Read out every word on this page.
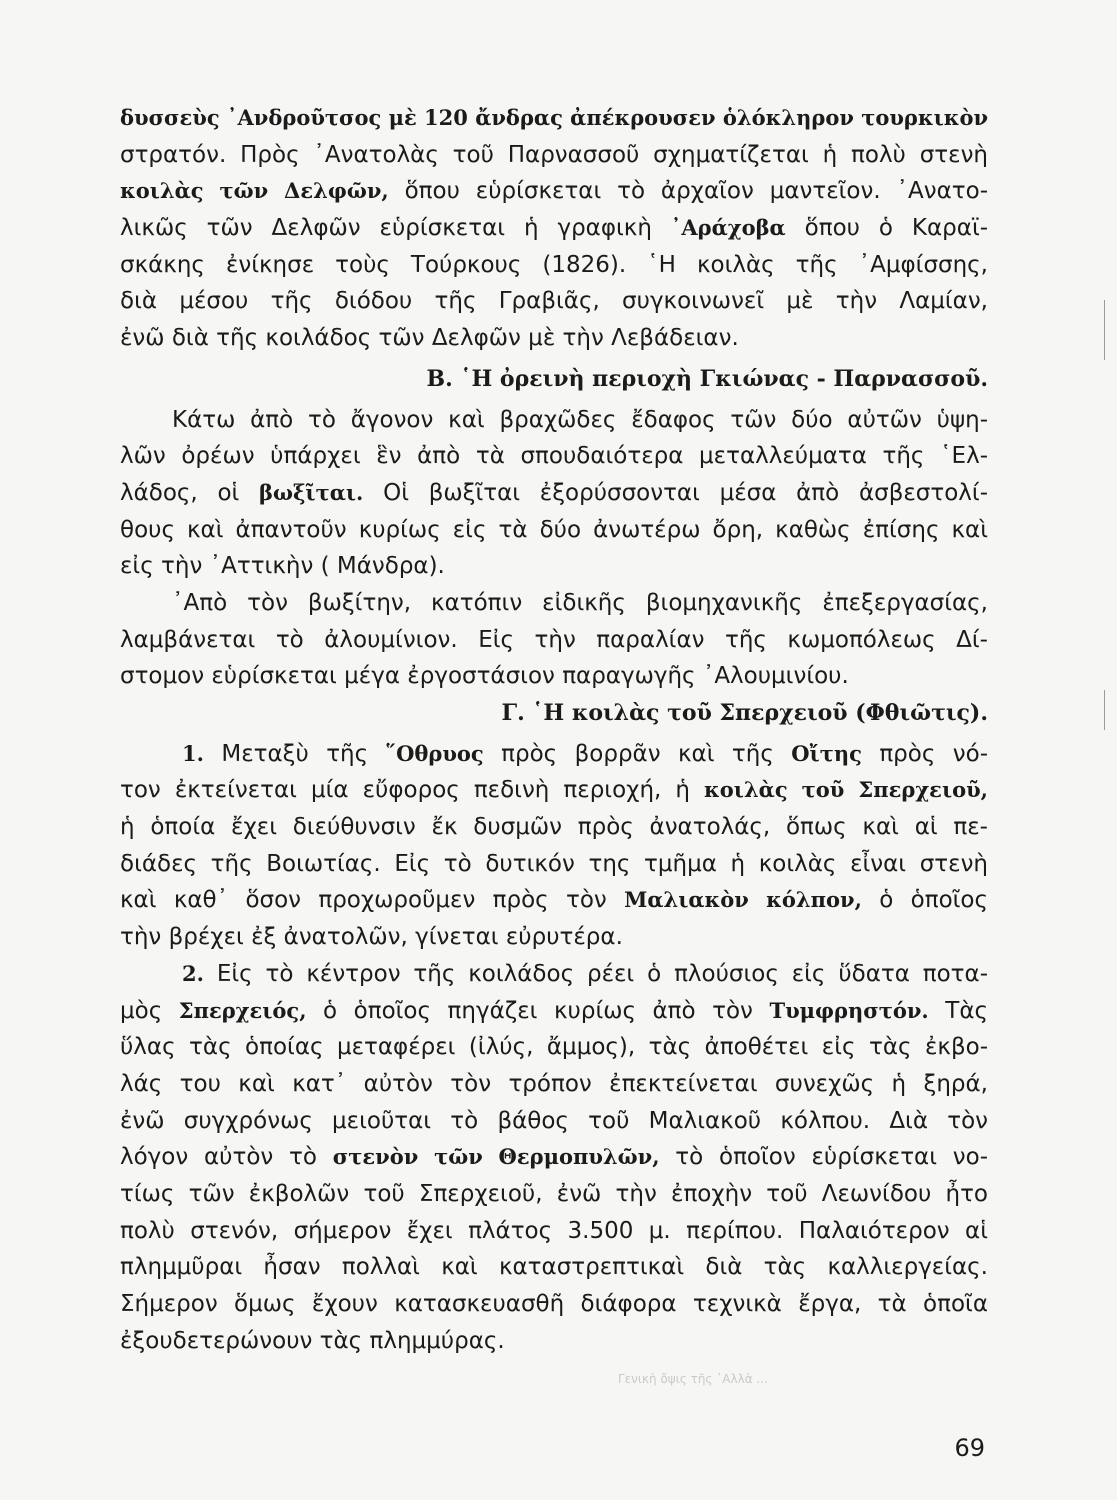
δυσσεὺς ᾿Ανδροῦτσος μὲ 120 ἄνδρας ἀπέκρουσεν ὁλόκληρον τουρκικὸν
στρατόν. Πρὸς ᾿Ανατολὰς τοῦ Παρνασσοῦ σχηματίζεται ἡ πολὺ στενὴ
κοιλὰς τῶν Δελφῶν, ὅπου εὑρίσκεται τὸ ἀρχαῖον μαντεῖον. ᾿Ανατο-
λικῶς τῶν Δελφῶν εὑρίσκεται ἡ γραφικὴ ᾿Αράχοβα ὅπου ὁ Καραϊ-
σκάκης ἐνίκησε τοὺς Τούρκους (1826). ῾Η κοιλὰς τῆς ᾿Αμφίσσης,
διὰ μέσου τῆς διόδου τῆς Γραβιᾶς, συγκοινωνεῖ μὲ τὴν Λαμίαν,
ἐνῶ διὰ τῆς κοιλάδος τῶν Δελφῶν μὲ τὴν Λεβάδειαν.
Β. ῾Η ὀρεινὴ περιοχὴ Γκιώνας - Παρνασσοῦ.
Κάτω ἀπὸ τὸ ἄγονον καὶ βραχῶδες ἔδαφος τῶν δύο αὐτῶν ὑψη-
λῶν ὀρέων ὑπάρχει ἓν ἀπὸ τὰ σπουδαιότερα μεταλλεύματα τῆς ῾Ελ-
λάδος, οἱ βωξῖται. Οἱ βωξῖται ἐξορύσσονται μέσα ἀπὸ ἀσβεστολί-
θους καὶ ἀπαντοῦν κυρίως εἰς τὰ δύο ἀνωτέρω ὄρη, καθὼς ἐπίσης καὶ
εἰς τὴν ᾿Αττικὴν ( Μάνδρα).
᾿Απὸ τὸν βωξίτην, κατόπιν εἰδικῆς βιομηχανικῆς ἐπεξεργασίας,
λαμβάνεται τὸ ἀλουμίνιον. Εἰς τὴν παραλίαν τῆς κωμοπόλεως Δί-
στομον εὑρίσκεται μέγα ἐργοστάσιον παραγωγῆς ᾿Αλουμινίου.
Γ. ῾Η κοιλὰς τοῦ Σπερχειοῦ (Φθιῶτις).
1. Μεταξὺ τῆς ῞Οθρυος πρὸς βορρᾶν καὶ τῆς Οἴτης πρὸς νό-
τον ἐκτείνεται μία εὔφορος πεδινὴ περιοχή, ἡ κοιλὰς τοῦ Σπερχειοῦ,
ἡ ὁποία ἔχει διεύθυνσιν ἔκ δυσμῶν πρὸς ἀνατολάς, ὅπως καὶ αἱ πε-
διάδες τῆς Βοιωτίας. Εἰς τὸ δυτικόν της τμῆμα ἡ κοιλὰς εἶναι στενὴ
καὶ καθ᾿ ὅσον προχωροῦμεν πρὸς τὸν Μαλιακὸν κόλπον, ὁ ὁποῖος
τὴν βρέχει ἐξ ἀνατολῶν, γίνεται εὐρυτέρα.
2. Εἰς τὸ κέντρον τῆς κοιλάδος ρέει ὁ πλούσιος εἰς ὕδατα ποτα-
μὸς Σπερχειός, ὁ ὁποῖος πηγάζει κυρίως ἀπὸ τὸν Τυμφρηστόν. Τὰς
ὕλας τὰς ὁποίας μεταφέρει (ἰλύς, ἄμμος), τὰς ἀποθέτει εἰς τὰς ἐκβο-
λάς του καὶ κατ᾿ αὐτὸν τὸν τρόπον ἐπεκτείνεται συνεχῶς ἡ ξηρά,
ἐνῶ συγχρόνως μειοῦται τὸ βάθος τοῦ Μαλιακοῦ κόλπου. Διὰ τὸν
λόγον αὐτὸν τὸ στενὸν τῶν Θερμοπυλῶν, τὸ ὁποῖον εὑρίσκεται νο-
τίως τῶν ἐκβολῶν τοῦ Σπερχειοῦ, ἐνῶ τὴν ἐποχὴν τοῦ Λεωνίδου ἦτο
πολὺ στενόν, σήμερον ἔχει πλάτος 3.500 μ. περίπου. Παλαιότερον αἱ
πλημμῦραι ἦσαν πολλαὶ καὶ καταστρεπτικαὶ διὰ τὰς καλλιεργείας.
Σήμερον ὅμως ἔχουν κατασκευασθῆ διάφορα τεχνικὰ ἔργα, τὰ ὁποῖα
ἐξουδετερώνουν τὰς πλημμύρας.
69
Γενικὴ ὄψις τῆς ᾿Αλλὰ ...
